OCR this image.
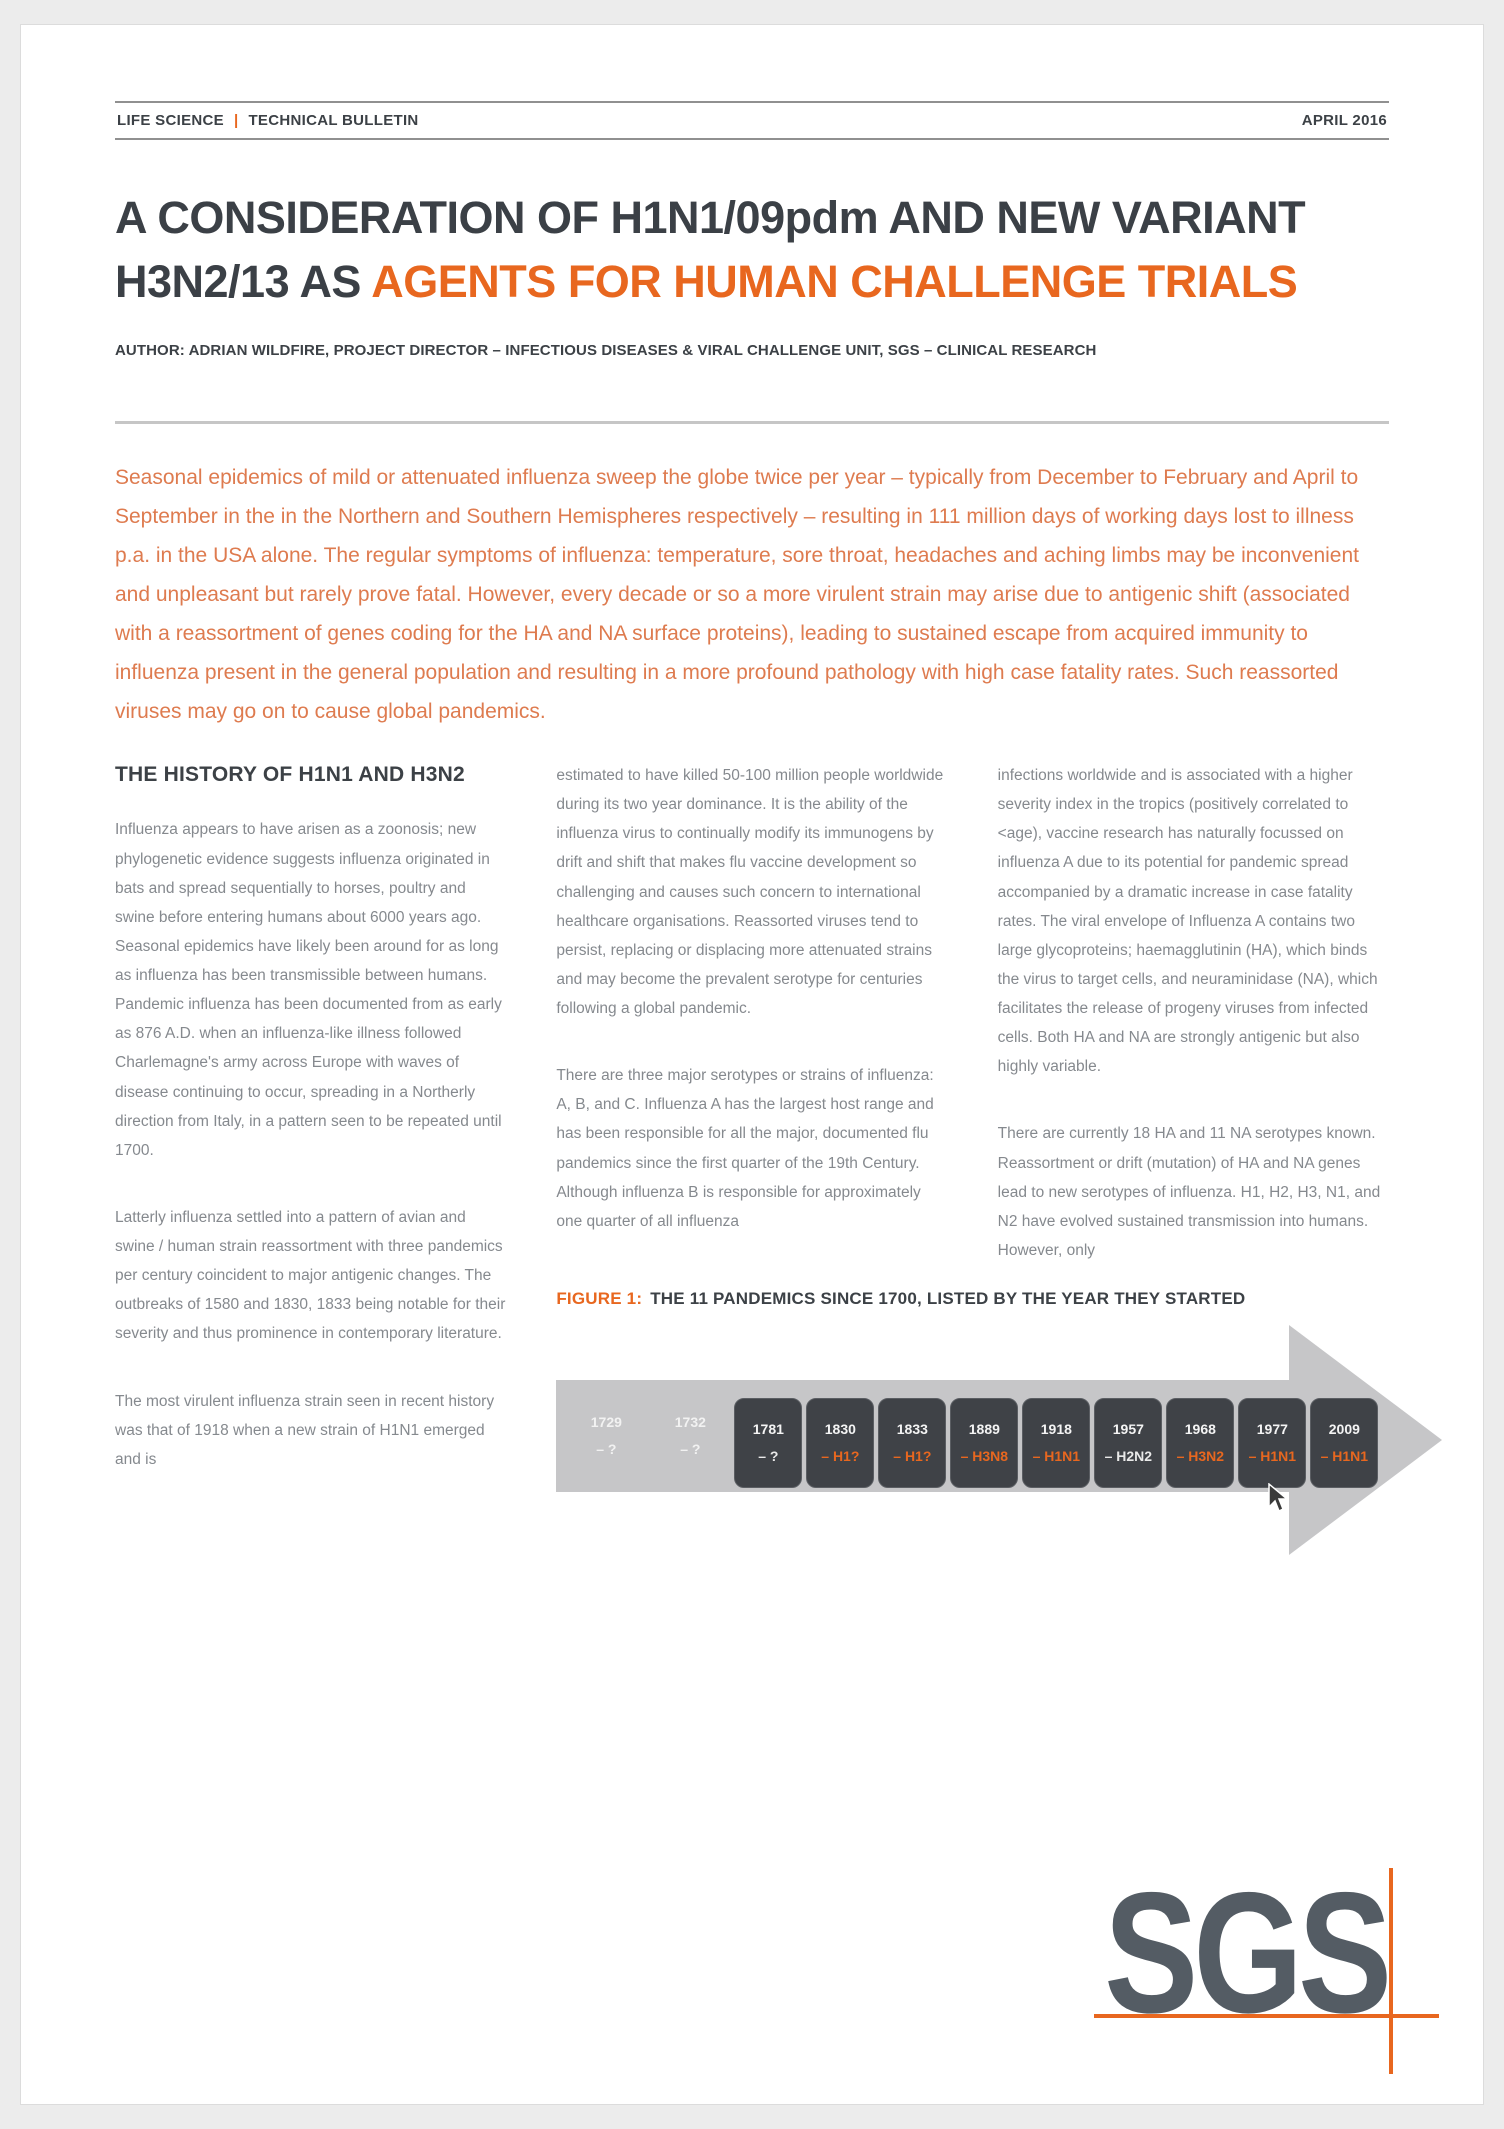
LIFE SCIENCE | TECHNICAL BULLETIN	APRIL 2016
A CONSIDERATION OF H1N1/09pdm AND NEW VARIANT
H3N2/13 AS AGENTS FOR HUMAN CHALLENGE TRIALS
AUTHOR: ADRIAN WILDFIRE, PROJECT DIRECTOR – INFECTIOUS DISEASES & VIRAL CHALLENGE UNIT, SGS – CLINICAL RESEARCH

Seasonal epidemics of mild or attenuated influenza sweep the globe twice per year – typically from December to February and April to September in the in the Northern and Southern Hemispheres respectively – resulting in 111 million days of working days lost to illness p.a. in the USA alone. The regular symptoms of influenza: temperature, sore throat, headaches and aching limbs may be inconvenient and unpleasant but rarely prove fatal. However, every decade or so a more virulent strain may arise due to antigenic shift (associated with a reassortment of genes coding for the HA and NA surface proteins), leading to sustained escape from acquired immunity to influenza present in the general population and resulting in a more profound pathology with high case fatality rates. Such reassorted viruses may go on to cause global pandemics.

THE HISTORY OF H1N1 AND H3N2

Influenza appears to have arisen as a zoonosis; new phylogenetic evidence suggests influenza originated in bats and spread sequentially to horses, poultry and swine before entering humans about 6000 years ago. Seasonal epidemics have likely been around for as long as influenza has been transmissible between humans. Pandemic influenza has been documented from as early as 876 A.D. when an influenza-like illness followed Charlemagne's army across Europe with waves of disease continuing to occur, spreading in a Northerly direction from Italy, in a pattern seen to be repeated until 1700.

Latterly influenza settled into a pattern of avian and swine / human strain reassortment with three pandemics per century coincident to major antigenic changes. The outbreaks of 1580 and 1830, 1833 being notable for their severity and thus prominence in contemporary literature.

The most virulent influenza strain seen in recent history was that of 1918 when a new strain of H1N1 emerged and is

estimated to have killed 50-100 million people worldwide during its two year dominance. It is the ability of the influenza virus to continually modify its immunogens by drift and shift that makes flu vaccine development so challenging and causes such concern to international healthcare organisations. Reassorted viruses tend to persist, replacing or displacing more attenuated strains and may become the prevalent serotype for centuries following a global pandemic.

There are three major serotypes or strains of influenza: A, B, and C. Influenza A has the largest host range and has been responsible for all the major, documented flu pandemics since the first quarter of the 19th Century. Although influenza B is responsible for approximately one quarter of all influenza

infections worldwide and is associated with a higher severity index in the tropics (positively correlated to <age), vaccine research has naturally focussed on influenza A due to its potential for pandemic spread accompanied by a dramatic increase in case fatality rates. The viral envelope of Influenza A contains two large glycoproteins; haemagglutinin (HA), which binds the virus to target cells, and neuraminidase (NA), which facilitates the release of progeny viruses from infected cells. Both HA and NA are strongly antigenic but also highly variable.

There are currently 18 HA and 11 NA serotypes known. Reassortment or drift (mutation) of HA and NA genes lead to new serotypes of influenza. H1, H2, H3, N1, and N2 have evolved sustained transmission into humans. However, only

FIGURE 1: THE 11 PANDEMICS SINCE 1700, LISTED BY THE YEAR THEY STARTED
1729
– ?
1732
– ?
1781
– ?
1830
– H1?
1833
– H1?
1889
– H3N8
1918
– H1N1
1957
– H2N2
1968
– H3N2
1977
– H1N1
2009
– H1N1
SGS
